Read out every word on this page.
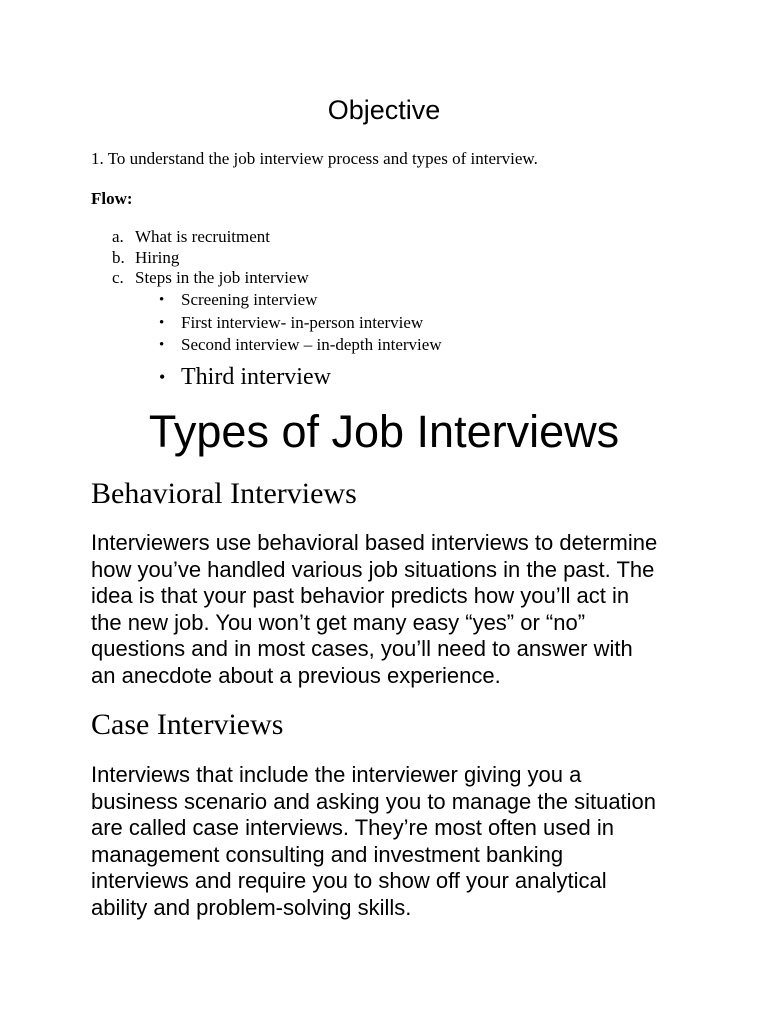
Objective
1. To understand the job interview process and types of interview.
Flow:
a. What is recruitment
b. Hiring
c. Steps in the job interview
• Screening interview
• First interview- in-person interview
• Second interview – in-depth interview
• Third interview
Types of Job Interviews
Behavioral Interviews
Interviewers use behavioral based interviews to determine
how you’ve handled various job situations in the past. The
idea is that your past behavior predicts how you’ll act in
the new job. You won’t get many easy “yes” or “no”
questions and in most cases, you’ll need to answer with
an anecdote about a previous experience.
Case Interviews
Interviews that include the interviewer giving you a
business scenario and asking you to manage the situation
are called case interviews. They’re most often used in
management consulting and investment banking
interviews and require you to show off your analytical
ability and problem-solving skills.
